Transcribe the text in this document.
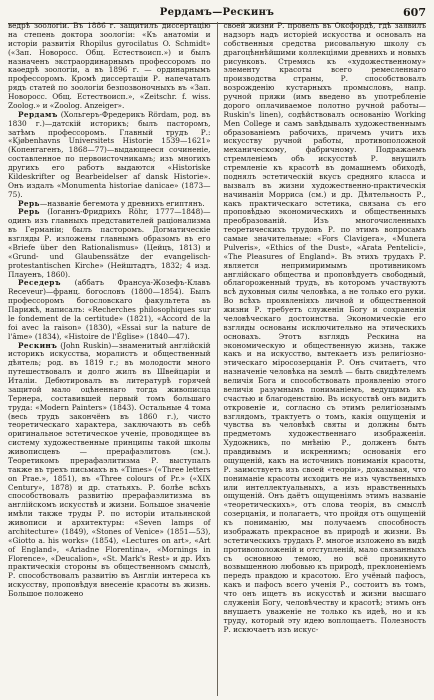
Рердамъ—Рескинъ	607

ведрѣ зоологіи. Въ 1886 г. защитилъ диссертацію на степень доктора зоологіи: «Къ анатоміи и исторіи развитія Rhopilus gyrocilatus O. Schmidt» («Зап. Новоросс. Общ. Естествоисп.») и былъ назначенъ экстраординарнымъ профессоромъ по каѳедрѣ зоологіи, а въ 1896 г. — ординарнымъ профессоромъ. Кромѣ диссертаціи Р. напечаталъ рядъ статей по зоологіи безпозвоночныхъ въ «Зап. Новоросс. Общ. Естествоисп.», «Zeitschr. f. wiss. Zoolog.» и «Zoolog. Anzeiger».

Рердамъ (Хольгеръ-Фредерикъ Rördam, род. въ 1830 г.)—датскій историкъ; былъ пасторомъ, затѣмъ профессоромъ. Главный трудъ Р.: «Kjøbenhavns Universitets Historie 1539—1621» (Копенгагенъ, 1868—77)—выдающееся сочиненіе, составленное по первоисточникамъ; изъ многихъ другихъ его работъ выдаются «Historiske Kildeskrifter og Bearbeidelser af dansk Historie». Онъ издалъ «Monumenta historiae danicae» (1873—75).

Рерь—названіе бегемота у древнихъ египтянъ.

Рерь (Іоганнъ-Фридрихъ Röhr, 1777—1848)—одинъ изъ главныхъ представителей раціонализма въ Германіи; былъ пасторомъ. Догматическіе взгляды Р. изложены главнымъ образомъ въ его «Briefe über den Rationalismus» (Цейцъ, 1813) и «Grund- und Glaubenssätze der evangelisch-protestantischen Kirche» (Нейштадтъ, 1832; 4 изд. Плауенъ, 1860).

Реседеръ (аббатъ Франсуа-Жозефъ-Клавъ Receveur)—франц. богословъ (1800—1854). Былъ профессоромъ богословскаго факультета въ Парижѣ, написалъ: «Recherches philosophiques sur le fondement de la certitude» (1821), «Accord de la foi avec la raison» (1830), «Essai sur la nature de l'âme» (1834), «Histoire de l'Église» (1840—47).

Рескинъ (John Ruskin)—знаменитый англійскій историкъ искусства, моралистъ и общественный дѣятель; род. въ 1819 г.; въ молодости много путешествовалъ и долго жилъ въ Швейцаріи и Италіи. Дебютировалъ въ литературѣ горячей защитой мало оцѣненнаго тогда живописца Тернера, составившей первый томъ большаго труда: «Modern Painters» (1843). Остальные 4 тома (весь трудъ закончёнъ въ 1860 г.), чисто теоретическаго характера, заключаютъ въ себѣ оригинальное эстетическое ученіе, проводящее въ систему художественные принципы такой школы живописцевъ — прерафаэлитовъ (см.). Теоретикомъ прерафаэлитизма Р. выступалъ также въ трехъ письмахъ въ «Times» («Three letters on Prae.», 1851), въ «Three colours of Pr.» («XIX Century», 1878) и др. статьяхъ. Р. болѣе всѣхъ способствовалъ развитію прерафаэлитизма въ англійскомъ искусствѣ и жизни. Большое значеніе имѣли также труды Р. по исторіи итальянской живописи и архитектуры: «Seven lamps of architecture» (1849), «Stones of Venice» (1851—53), «Giotto a. his works» (1854), «Lectures on art», «Art of England», «Ariadne Florentina», «Mornings in Florence», «Deucalion», «St. Mark's Rest» и др. Ихъ практическія стороны въ общественномъ смыслѣ, Р. способствовалъ развитію въ Англіи интереса къ искусству, проповѣдуя внесеніе красоты въ жизнь. Большое положено

своей жизни Р. провелъ въ Оксфордѣ, гдѣ заявилъ надзоръ надъ исторіей искусства и основалъ на собственныя средства рисовальную школу съ драгоцѣннѣйшими коллекціями древнихъ и новыхъ рисунковъ. Стремясь къ «художественному» элементу красоты всего ремесленнаго производства страны, Р. способствовалъ возрожденію кустарныхъ промысловъ, напр. ручной пряжи (имъ введено въ употребленіе дорого оплачиваемое полотно ручной работы—Ruskin's linen), содѣйствовалъ основанію Working Men College и самъ завѣдывалъ художественнымъ образованіемъ рабочихъ, причемъ учитъ ихъ искусству ручной работы, противоположной механическому, фабричному. Подражаемъ стремленіемъ объ искусствѣ Р. внушилъ стремленіе къ красотѣ въ домашнемъ обиходѣ, поднялъ эстетическій вкусъ средняго класса и вызвалъ въ жизни художественно-практическія начинанія Морриса (см.) и др. Дѣятельность Р., какъ практическаго эстетика, связана съ его проповѣдью экономическихъ и общественныхъ преобразованій. Изъ многочисленныхъ теоретическихъ трудовъ Р. по этимъ вопросамъ самые значительные: «Fors Clavigera», «Munera Pulveris», «Ethics of the Dust», «Arata Pentelici», «The Pleasures of England». Въ этихъ трудахъ Р. является непримиримымъ противникомъ англійскаго общества и проповѣдуетъ свободный, облагороженный трудъ, въ которомъ участвуютъ всѣ духовныя силы человѣка, а не только его руки. Во всѣхъ проявленіяхъ личной и общественной жизни Р. требуетъ служенія Богу и сохраненія человѣческаго достоинства. Экономическіе его взгляды основаны исключительно на этическихъ основахъ. Этотъ взглядъ Рескина на экономическую и общественную жизнь, также какъ и на искусство, вытекаетъ изъ религіозно-этическаго міросозерцанія Р. Онъ считаетъ, что назначеніе человѣка на землѣ — быть свидѣтелемъ величія Бога и способствовать проявленію этого величія разумнымъ пониманіемъ, ведущимъ къ счастью и благоденствію. Въ искусствѣ онъ видитъ откровеніе и, согласно съ этимъ религіознымъ взглядомъ, трактуетъ о томъ, какія ощущенія и чувства въ человѣкѣ святы и должны быть предметомъ художественнаго изображенія. Художникъ, по мнѣнію Р., долженъ быть правдивымъ и искреннимъ; основанія его ощущеній, какъ на источникъ пониманія красоты, Р. заимствуетъ изъ своей «теоріи», доказывая, что пониманіе красоты исходитъ не изъ чувственныхъ или интеллектуальныхъ, а изъ нравственныхъ ощущеній. Онъ даётъ ощущеніямъ этимъ названіе «теоретическихъ», отъ слова теорія, въ смыслѣ созерцанія, и полагаетъ, что пройдя отъ ощущеній къ пониманію, мы получаемъ способность изображать прекрасное въ природѣ и жизни. Въ эстетическихъ трудахъ Р. многое изложено въ видѣ противоположеній и отступленій, мало связанныхъ съ основною темою, но всё проникнуто возвышенною любовью къ природѣ, преклоненіемъ передъ правдою и красотою. Его учёный пафосъ, какъ и пафосъ всего ученія Р., состоитъ въ томъ, что онъ ищетъ въ искусствѣ и жизни высшаго служенія Богу, человѣчеству и красотѣ; этимъ онъ внушаетъ уваженіе не только къ идеѣ, но и къ труду, который эту идею воплощаетъ. Полезность Р. искючаетъ изъ искус-
